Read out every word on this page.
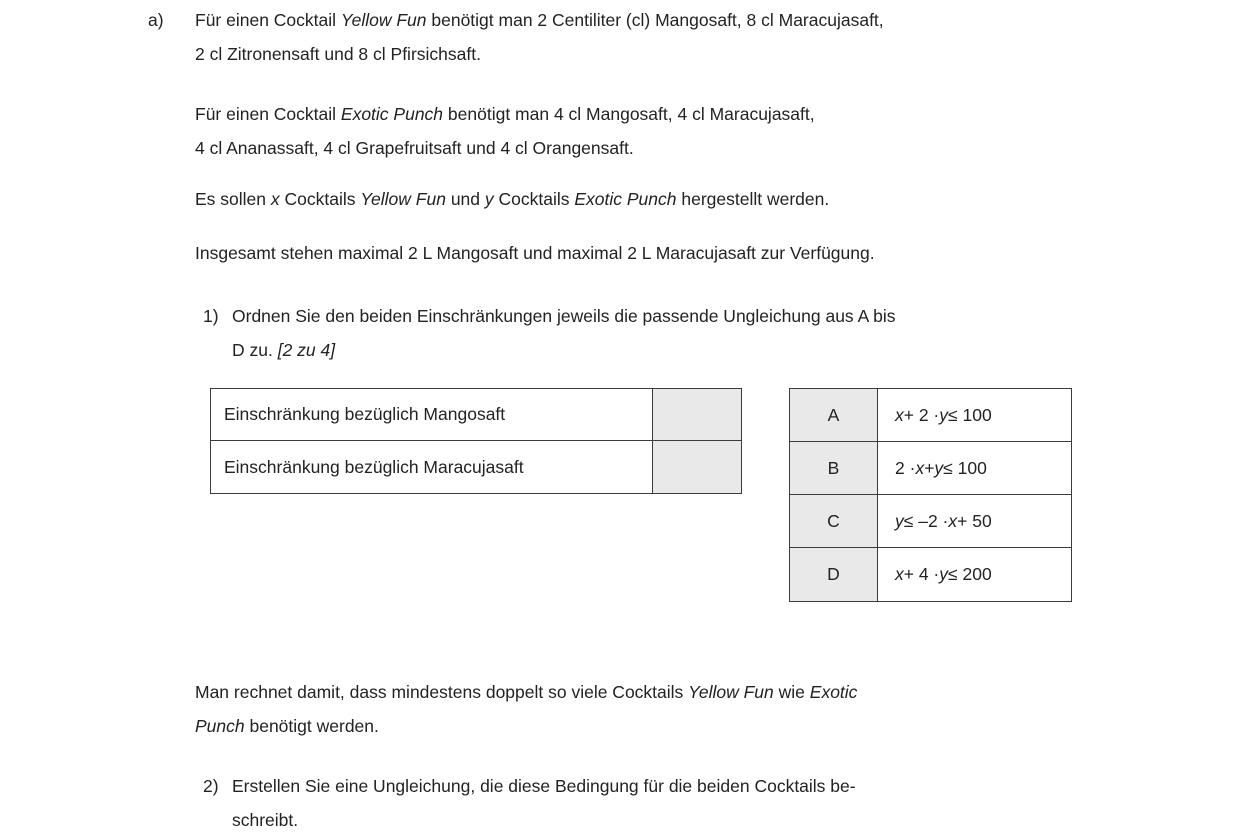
a)	Für einen Cocktail Yellow Fun benötigt man 2 Centiliter (cl) Mangosaft, 8 cl Maracujasaft,
2 cl Zitronensaft und 8 cl Pfirsichsaft.

Für einen Cocktail Exotic Punch benötigt man 4 cl Mangosaft, 4 cl Maracujasaft,
4 cl Ananassaft, 4 cl Grapefruitsaft und 4 cl Orangensaft.

Es sollen x Cocktails Yellow Fun und y Cocktails Exotic Punch hergestellt werden.

Insgesamt stehen maximal 2 L Mangosaft und maximal 2 L Maracujasaft zur Verfügung.

1) Ordnen Sie den beiden Einschränkungen jeweils die passende Ungleichung aus A bis
D zu. [2 zu 4]
Einschränkung bezüglich Mangosaft
Einschränkung bezüglich Maracujasaft
A	x + 2 · y ≤ 100
B	2 · x + y ≤ 100
C	y ≤ –2 · x + 50
D	x + 4 · y ≤ 200

Man rechnet damit, dass mindestens doppelt so viele Cocktails Yellow Fun wie Exotic
Punch benötigt werden.

2) Erstellen Sie eine Ungleichung, die diese Bedingung für die beiden Cocktails be-
schreibt.
